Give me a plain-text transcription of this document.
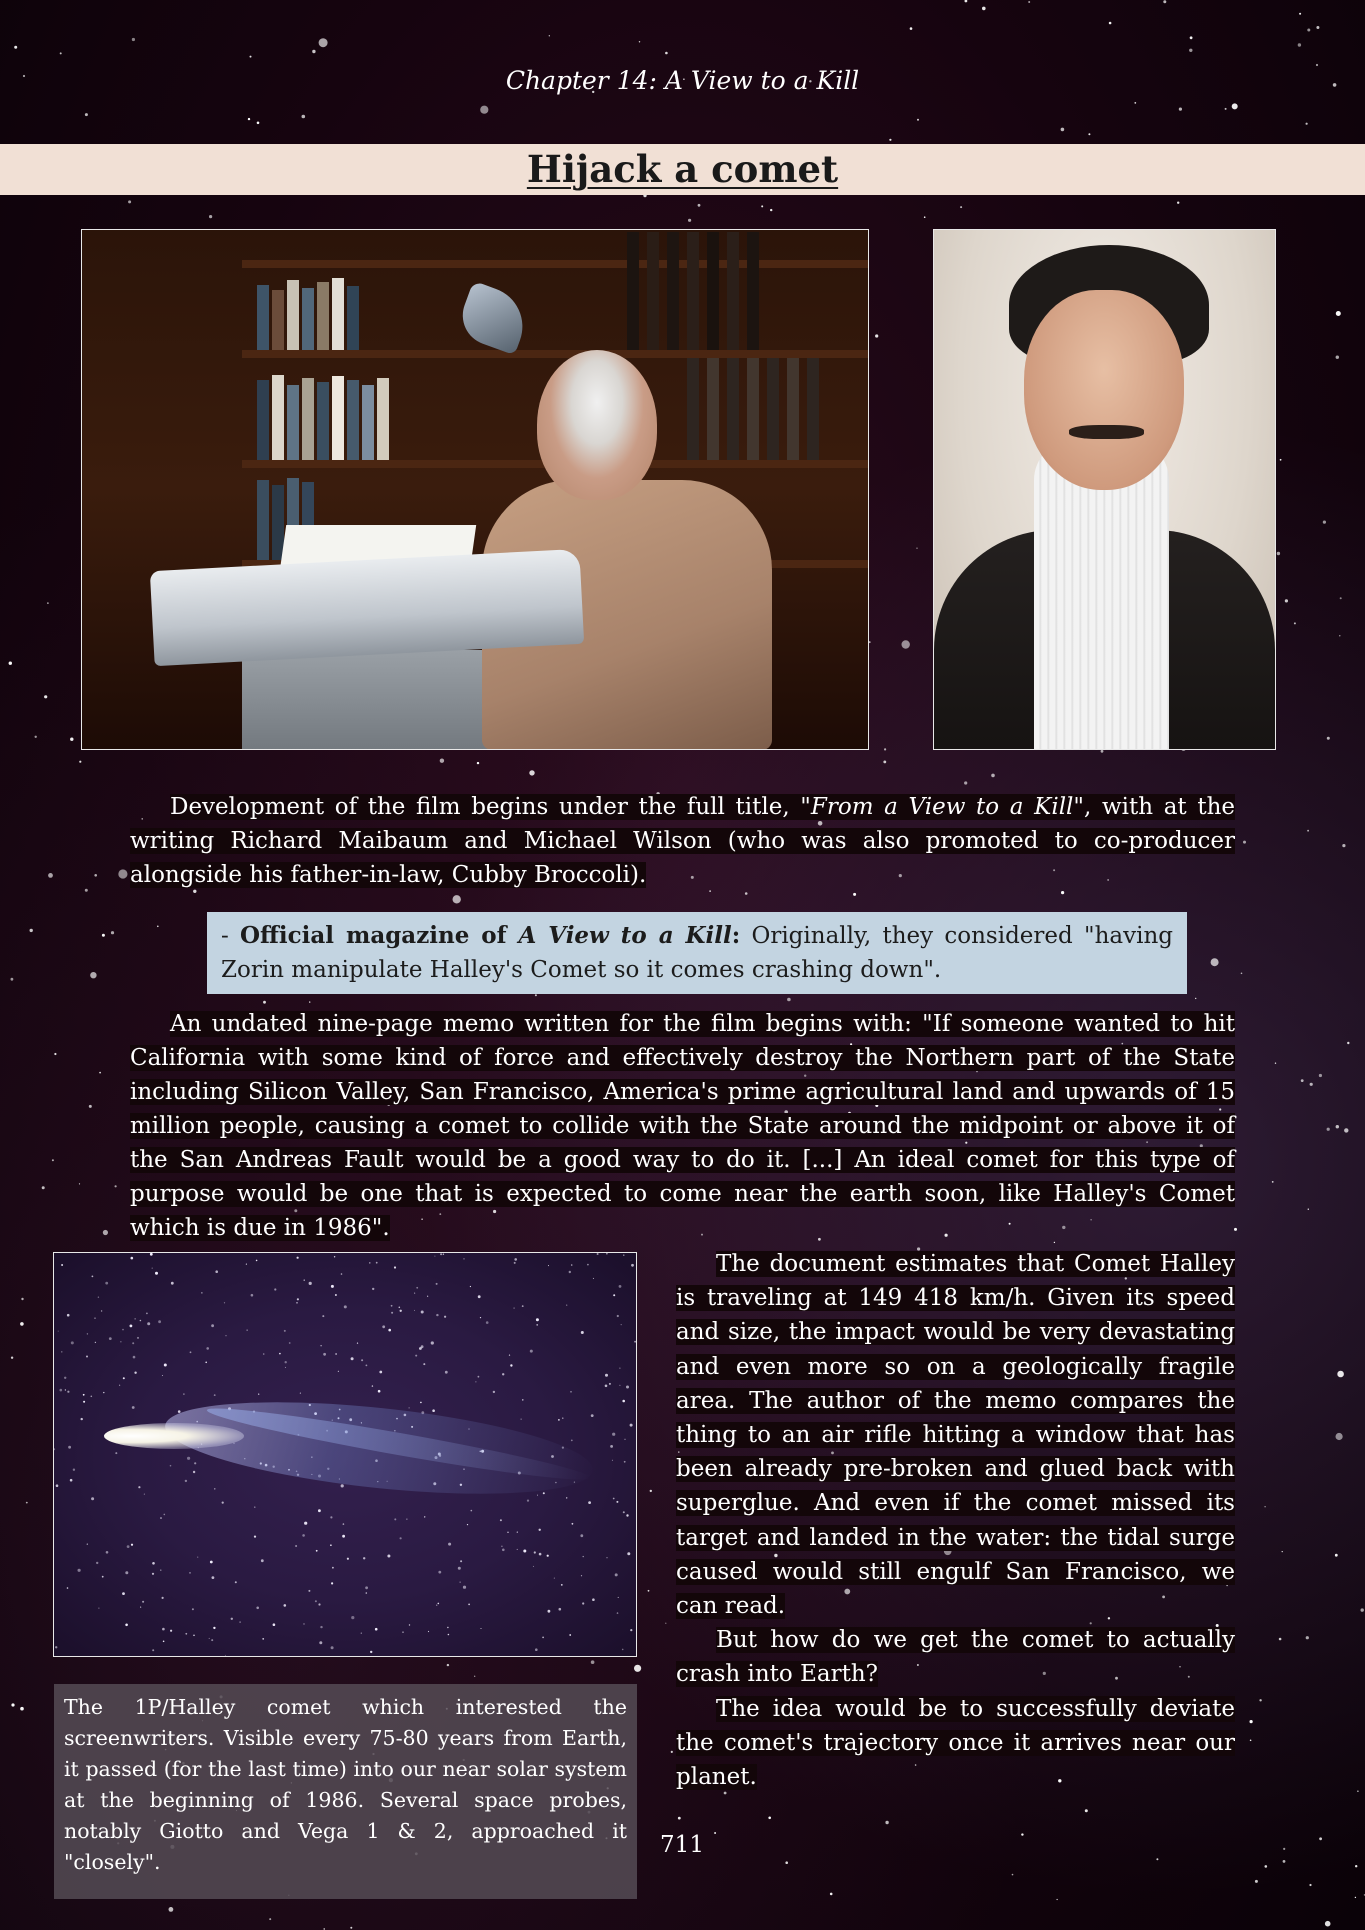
Chapter 14: A View to a Kill
Hijack a comet

Development of the film begins under the full title, "From a View to a Kill", with at the writing Richard Maibaum and Michael Wilson (who was also promoted to co-producer alongside his father-in-law, Cubby Broccoli).

- Official magazine of A View to a Kill: Originally, they considered "having Zorin manipulate Halley's Comet so it comes crashing down".

An undated nine-page memo written for the film begins with: "If someone wanted to hit California with some kind of force and effectively destroy the Northern part of the State including Silicon Valley, San Francisco, America's prime agricultural land and upwards of 15 million people, causing a comet to collide with the State around the midpoint or above it of the San Andreas Fault would be a good way to do it. [...] An ideal comet for this type of purpose would be one that is expected to come near the earth soon, like Halley's Comet which is due in 1986".

The 1P/Halley comet which interested the screenwriters. Visible every 75-80 years from Earth, it passed (for the last time) into our near solar system at the beginning of 1986. Several space probes, notably Giotto and Vega 1 & 2, approached it "closely".

The document estimates that Comet Halley is traveling at 149 418 km/h. Given its speed and size, the impact would be very devastating and even more so on a geologically fragile area. The author of the memo compares the thing to an air rifle hitting a window that has been already pre-broken and glued back with superglue. And even if the comet missed its target and landed in the water: the tidal surge caused would still engulf San Francisco, we can read.

But how do we get the comet to actually crash into Earth?

The idea would be to successfully deviate the comet's trajectory once it arrives near our planet.

711
